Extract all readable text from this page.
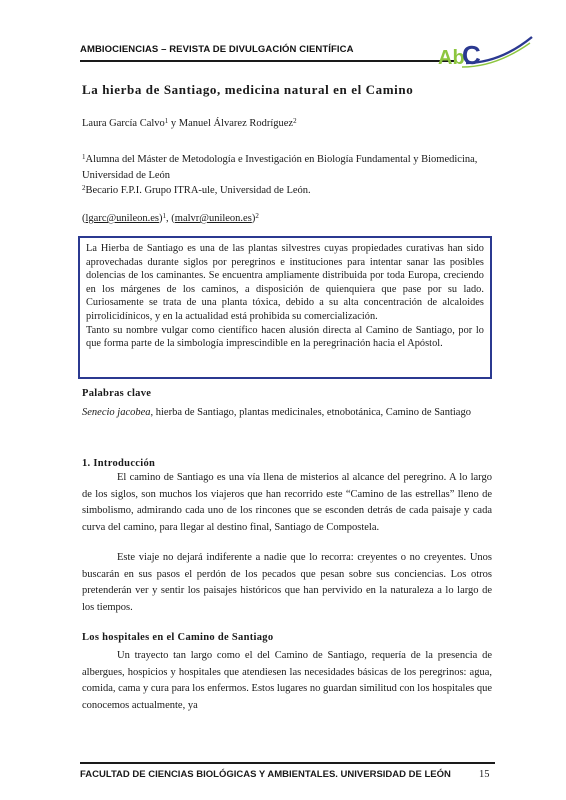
AMBIOCIENCIAS – REVISTA DE DIVULGACIÓN CIENTÍFICA	Ab
C
La hierba de Santiago, medicina natural en el Camino
Laura García Calvo$^1$ y Manuel Álvarez Rodríguez$^2$
$^1$Alumna del Máster de Metodología e Investigación en Biología Fundamental y Biomedicina, Universidad de León
$^2$Becario F.P.I. Grupo ITRA-ule, Universidad de León.
(lgarc@unileon.es)$^1$, (malvr@unileon.es)$^2$

La Hierba de Santiago es una de las plantas silvestres cuyas propiedades curativas han sido aprovechadas durante siglos por peregrinos e instituciones para intentar sanar las posibles dolencias de los caminantes. Se encuentra ampliamente distribuida por toda Europa, creciendo en los márgenes de los caminos, a disposición de quienquiera que pase por su lado. Curiosamente se trata de una planta tóxica, debido a su alta concentración de alcaloides pirrolicidínicos, y en la actualidad está prohibida su comercialización.

Tanto su nombre vulgar como científico hacen alusión directa al Camino de Santiago, por lo que forma parte de la simbología imprescindible en la peregrinación hacia el Apóstol.

Palabras clave
Senecio jacobea, hierba de Santiago, plantas medicinales, etnobotánica, Camino de Santiago
1. Introducción

El camino de Santiago es una vía llena de misterios al alcance del peregrino. A lo largo de los siglos, son muchos los viajeros que han recorrido este “Camino de las estrellas” lleno de simbolismo, admirando cada uno de los rincones que se esconden detrás de cada paisaje y cada curva del camino, para llegar al destino final, Santiago de Compostela.

Este viaje no dejará indiferente a nadie que lo recorra: creyentes o no creyentes. Unos buscarán en sus pasos el perdón de los pecados que pesan sobre sus conciencias. Los otros pretenderán ver y sentir los paisajes históricos que han pervivido en la naturaleza a lo largo de los tiempos.

Los hospitales en el Camino de Santiago

Un trayecto tan largo como el del Camino de Santiago, requería de la presencia de albergues, hospicios y hospitales que atendiesen las necesidades básicas de los peregrinos: agua, comida, cama y cura para los enfermos. Estos lugares no guardan similitud con los hospitales que conocemos actualmente, ya

FACULTAD DE CIENCIAS BIOLÓGICAS Y AMBIENTALES. UNIVERSIDAD DE LEÓN	15
